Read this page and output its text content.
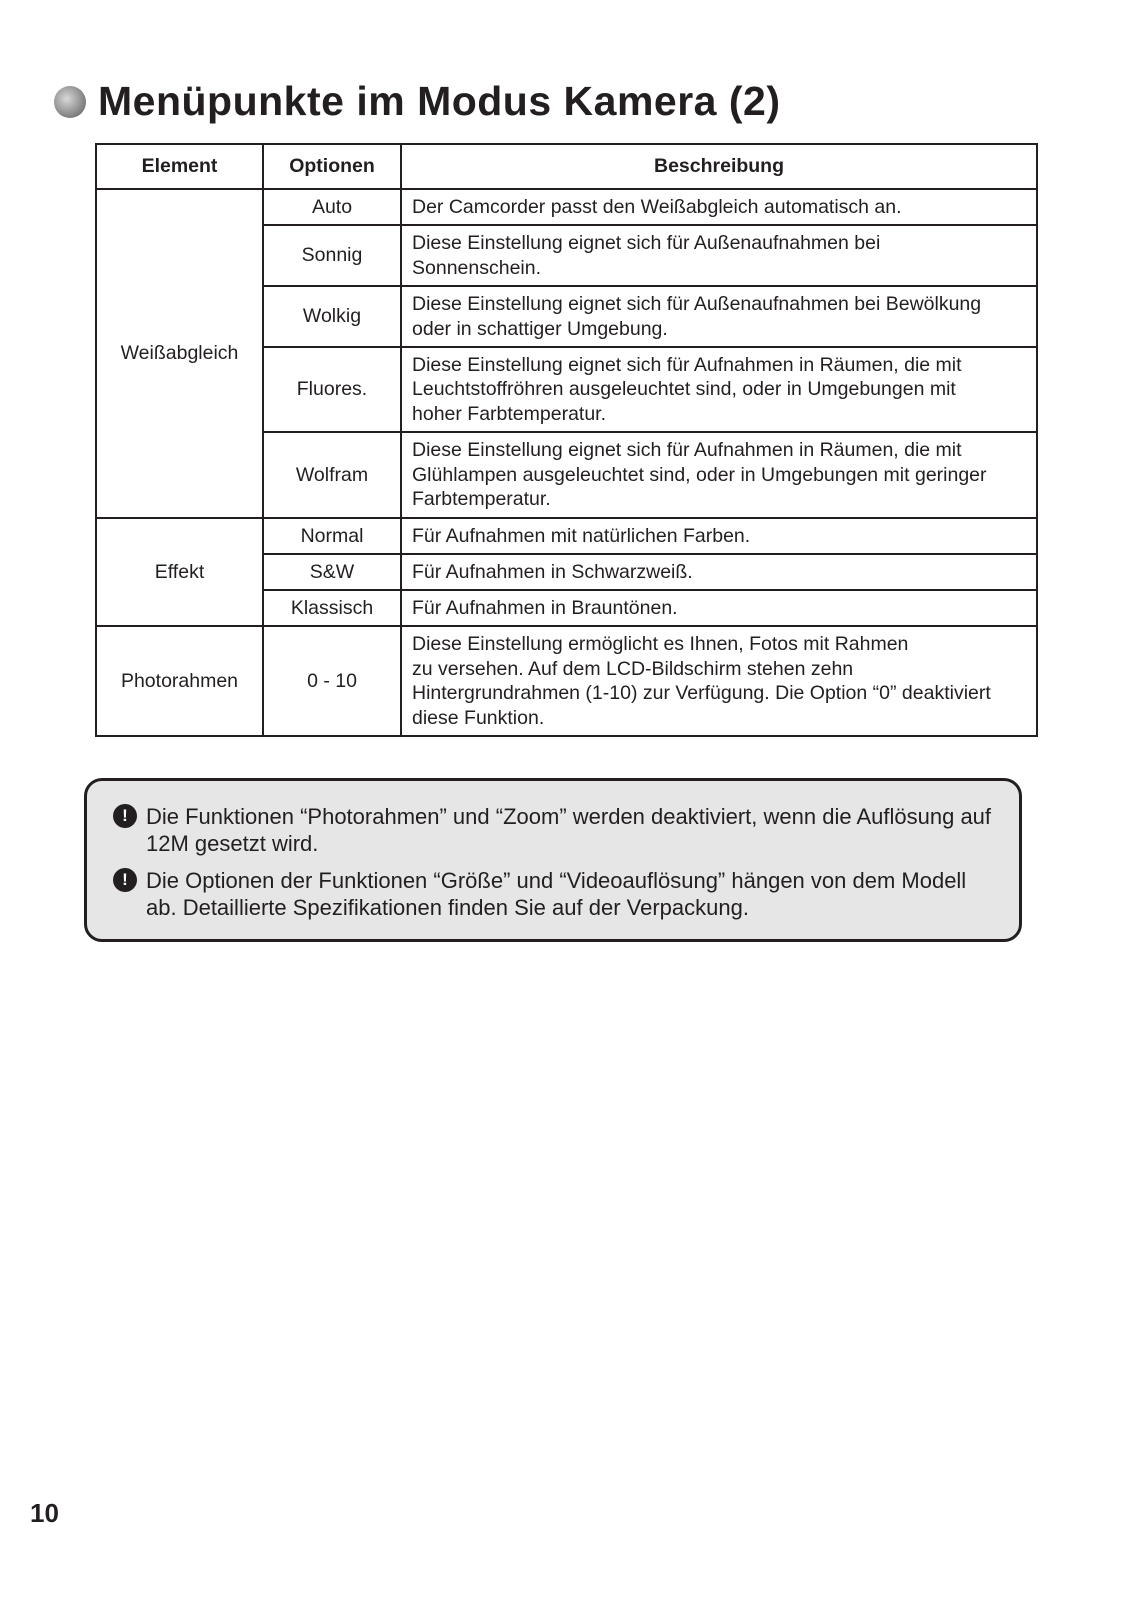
Menüpunkte im Modus Kamera (2)
Element	Optionen	Beschreibung
Weißabgleich	Auto	Der Camcorder passt den Weißabgleich automatisch an.
	Sonnig	Diese Einstellung eignet sich für Außenaufnahmen bei
Sonnenschein.
	Wolkig	Diese Einstellung eignet sich für Außenaufnahmen bei Bewölkung
oder in schattiger Umgebung.
	Fluores.	Diese Einstellung eignet sich für Aufnahmen in Räumen, die mit
Leuchtstoffröhren ausgeleuchtet sind, oder in Umgebungen mit
hoher Farbtemperatur.
	Wolfram	Diese Einstellung eignet sich für Aufnahmen in Räumen, die mit
Glühlampen ausgeleuchtet sind, oder in Umgebungen mit geringer
Farbtemperatur.
Effekt	Normal	Für Aufnahmen mit natürlichen Farben.
	S&W	Für Aufnahmen in Schwarzweiß.
	Klassisch	Für Aufnahmen in Brauntönen.
Photorahmen	0 - 10	Diese Einstellung ermöglicht es Ihnen, Fotos mit Rahmen
zu versehen. Auf dem LCD-Bildschirm stehen zehn
Hintergrundrahmen (1-10) zur Verfügung. Die Option “0” deaktiviert
diese Funktion.
! Die Funktionen “Photorahmen” und “Zoom” werden deaktiviert, wenn die Auflösung auf 12M gesetzt wird.
! Die Optionen der Funktionen “Größe” und “Videoauflösung” hängen von dem Modell ab. Detaillierte Spezifikationen finden Sie auf der Verpackung.
10
